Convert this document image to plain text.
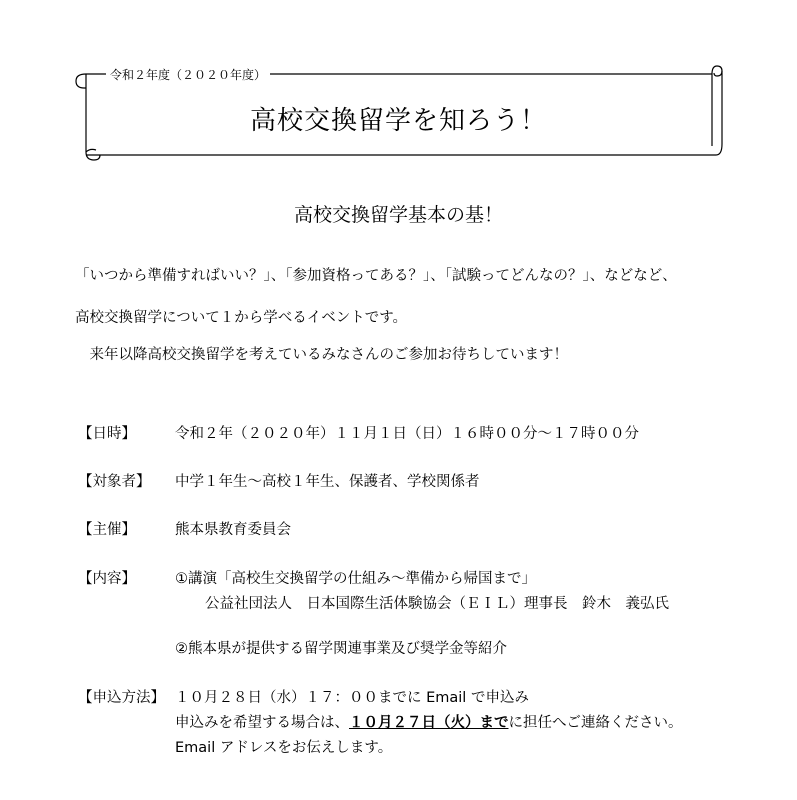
令和２年度（２０２０年度）
高校交換留学を知ろう！
高校交換留学基本の基！
「いつから準備すればいい？」、「参加資格ってある？」、「試験ってどんなの？」、などなど、
高校交換留学について１から学べるイベントです。
　来年以降高校交換留学を考えているみなさんのご参加お待ちしています！
【日時】	令和２年（２０２０年）１１月１日（日）１６時００分～１７時００分
【対象者】 中学１年生～高校１年生、保護者、学校関係者
【主催】	熊本県教育委員会
【内容】	①講演「高校生交換留学の仕組み～準備から帰国まで」
公益社団法人　日本国際生活体験協会（ＥＩＬ）理事長　鈴木　義弘氏
②熊本県が提供する留学関連事業及び奨学金等紹介
【申込方法】 １０月２８日（水）１７：００までに Email で申込み
申込みを希望する場合は、１０月２７日（火）までに担任へご連絡ください。
Email アドレスをお伝えします。
